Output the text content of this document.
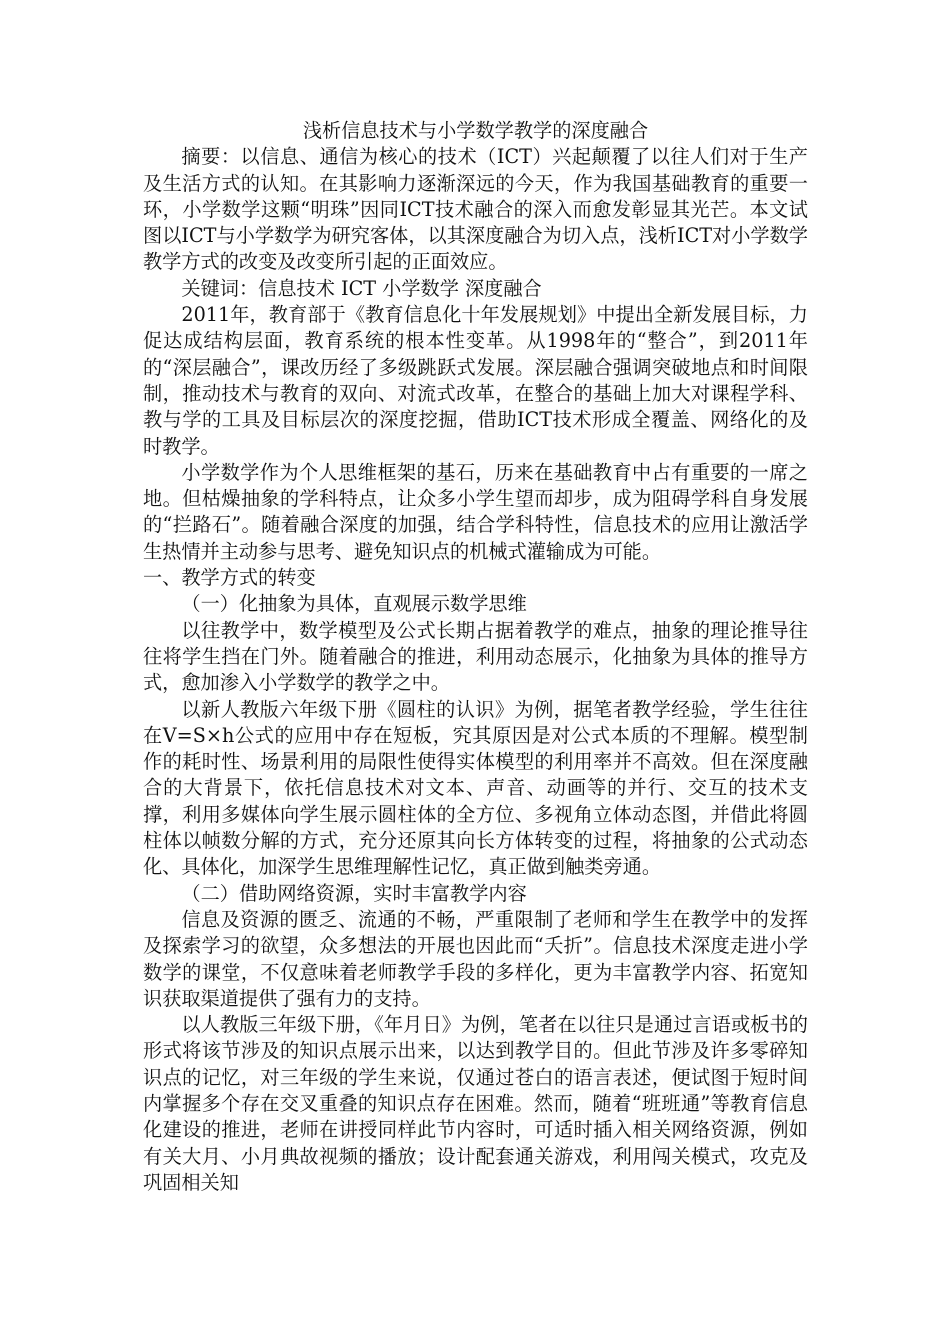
浅析信息技术与小学数学教学的深度融合

摘要：以信息、通信为核心的技术（ICT）兴起颠覆了以往人们对于生产及生活方式的认知。在其影响力逐渐深远的今天，作为我国基础教育的重要一环，小学数学这颗“明珠”因同ICT技术融合的深入而愈发彰显其光芒。本文试图以ICT与小学数学为研究客体，以其深度融合为切入点，浅析ICT对小学数学教学方式的改变及改变所引起的正面效应。

关键词：信息技术 ICT 小学数学 深度融合

2011年，教育部于《教育信息化十年发展规划》中提出全新发展目标，力促达成结构层面，教育系统的根本性变革。从1998年的“整合”，到2011年的“深层融合”，课改历经了多级跳跃式发展。深层融合强调突破地点和时间限制，推动技术与教育的双向、对流式改革，在整合的基础上加大对课程学科、教与学的工具及目标层次的深度挖掘，借助ICT技术形成全覆盖、网络化的及时教学。

小学数学作为个人思维框架的基石，历来在基础教育中占有重要的一席之地。但枯燥抽象的学科特点，让众多小学生望而却步，成为阻碍学科自身发展的“拦路石”。随着融合深度的加强，结合学科特性，信息技术的应用让激活学生热情并主动参与思考、避免知识点的机械式灌输成为可能。

一、教学方式的转变

（一）化抽象为具体，直观展示数学思维

以往教学中，数学模型及公式长期占据着教学的难点，抽象的理论推导往往将学生挡在门外。随着融合的推进，利用动态展示，化抽象为具体的推导方式，愈加渗入小学数学的教学之中。

以新人教版六年级下册《圆柱的认识》为例，据笔者教学经验，学生往往在V=S×h公式的应用中存在短板，究其原因是对公式本质的不理解。模型制作的耗时性、场景利用的局限性使得实体模型的利用率并不高效。但在深度融合的大背景下，依托信息技术对文本、声音、动画等的并行、交互的技术支撑，利用多媒体向学生展示圆柱体的全方位、多视角立体动态图，并借此将圆柱体以帧数分解的方式，充分还原其向长方体转变的过程，将抽象的公式动态化、具体化，加深学生思维理解性记忆，真正做到触类旁通。

（二）借助网络资源，实时丰富教学内容

信息及资源的匮乏、流通的不畅，严重限制了老师和学生在教学中的发挥及探索学习的欲望，众多想法的开展也因此而“夭折”。信息技术深度走进小学数学的课堂，不仅意味着老师教学手段的多样化，更为丰富教学内容、拓宽知识获取渠道提供了强有力的支持。

以人教版三年级下册，《年月日》为例，笔者在以往只是通过言语或板书的形式将该节涉及的知识点展示出来，以达到教学目的。但此节涉及许多零碎知识点的记忆，对三年级的学生来说，仅通过苍白的语言表述，便试图于短时间内掌握多个存在交叉重叠的知识点存在困难。然而，随着“班班通”等教育信息化建设的推进，老师在讲授同样此节内容时，可适时插入相关网络资源，例如有关大月、小月典故视频的播放；设计配套通关游戏，利用闯关模式，攻克及巩固相关知
